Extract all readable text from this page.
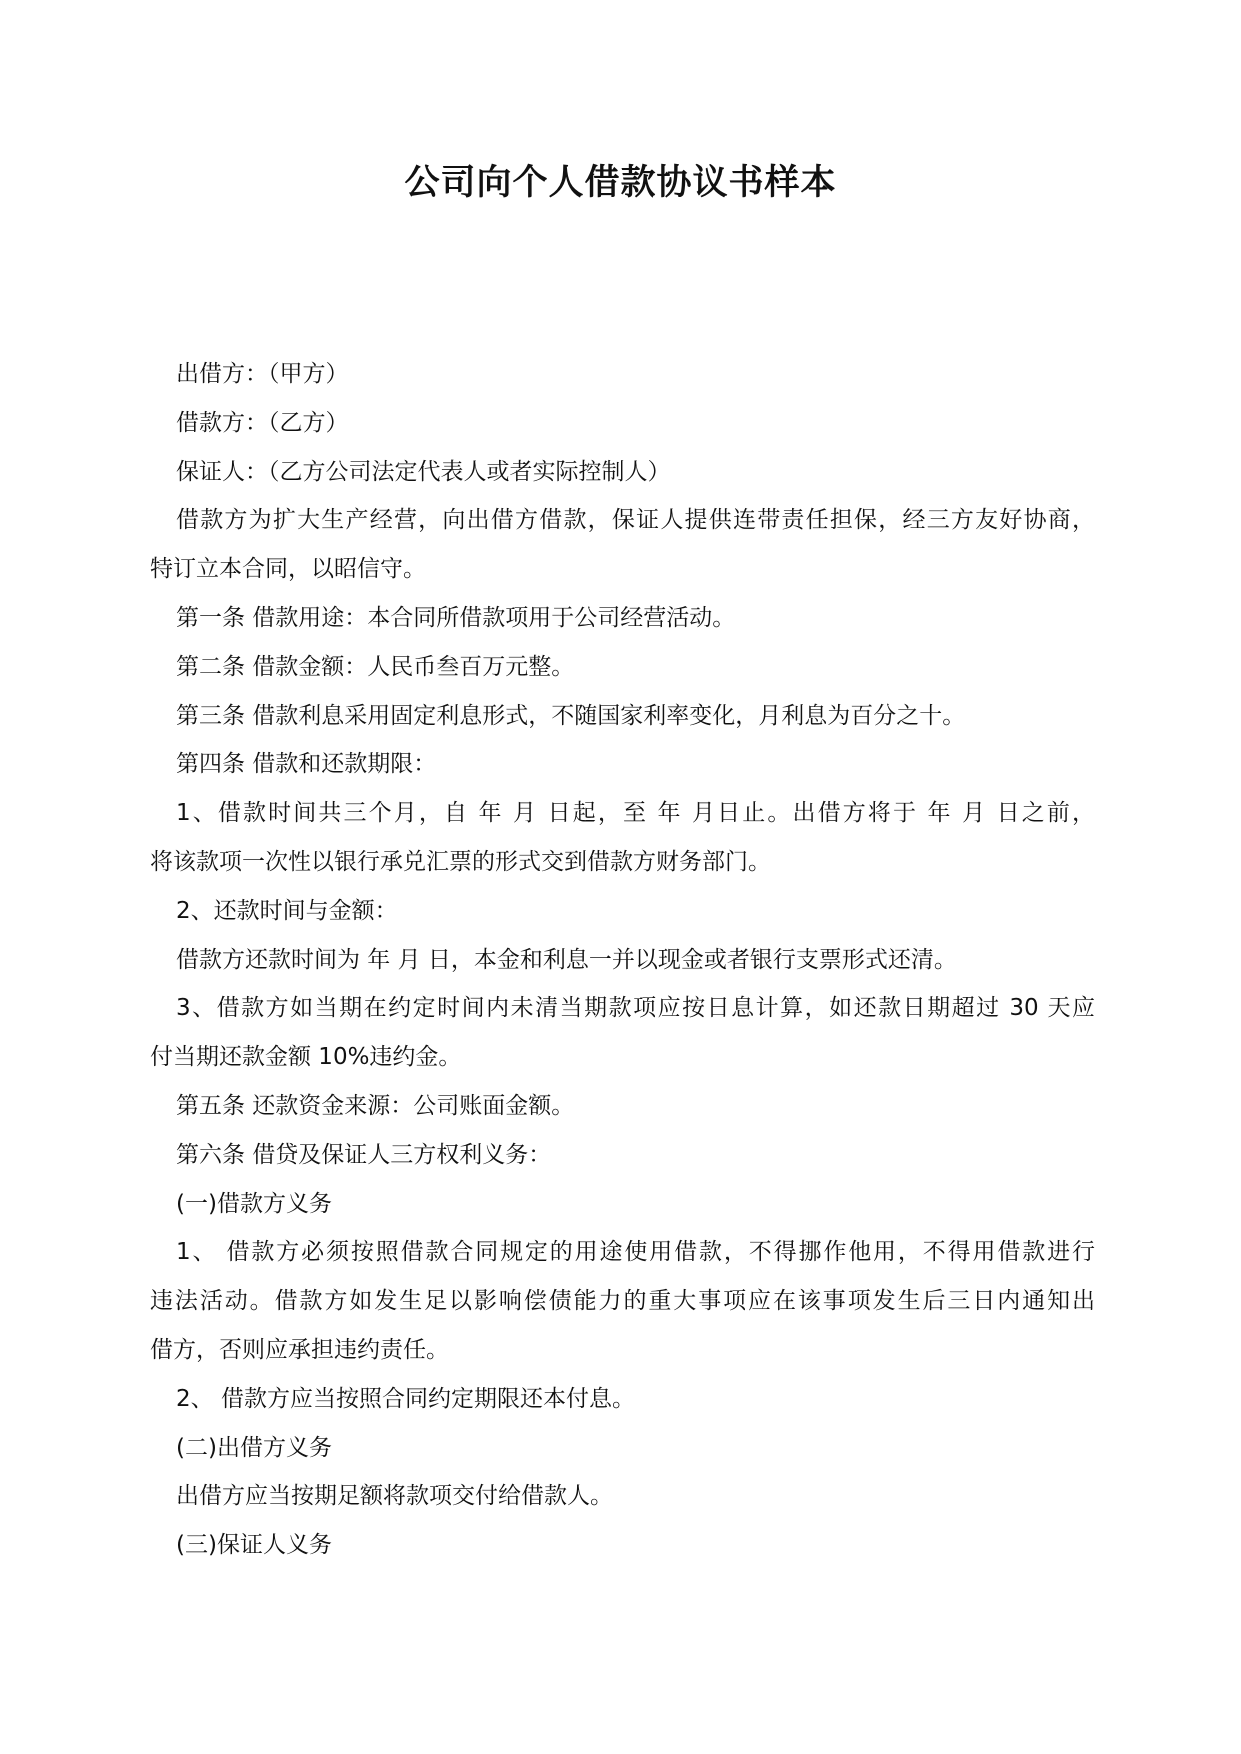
公司向个人借款协议书样本

出借方：（甲方）

借款方：（乙方）

保证人：（乙方公司法定代表人或者实际控制人）

借款方为扩大生产经营，向出借方借款，保证人提供连带责任担保，经三方友好协商，

特订立本合同，以昭信守。

第一条 借款用途：本合同所借款项用于公司经营活动。

第二条 借款金额：人民币叁百万元整。

第三条 借款利息采用固定利息形式，不随国家利率变化，月利息为百分之十。

第四条 借款和还款期限：

1、借款时间共三个月，自 年 月 日起，至 年 月日止。出借方将于 年 月 日之前，

将该款项一次性以银行承兑汇票的形式交到借款方财务部门。

2、还款时间与金额：

借款方还款时间为 年 月 日，本金和利息一并以现金或者银行支票形式还清。

3、借款方如当期在约定时间内未清当期款项应按日息计算，如还款日期超过 30 天应

付当期还款金额 10%违约金。

第五条 还款资金来源：公司账面金额。

第六条 借贷及保证人三方权利义务：

(一)借款方义务

1、 借款方必须按照借款合同规定的用途使用借款，不得挪作他用，不得用借款进行

违法活动。借款方如发生足以影响偿债能力的重大事项应在该事项发生后三日内通知出

借方，否则应承担违约责任。

2、 借款方应当按照合同约定期限还本付息。

(二)出借方义务

出借方应当按期足额将款项交付给借款人。

(三)保证人义务
